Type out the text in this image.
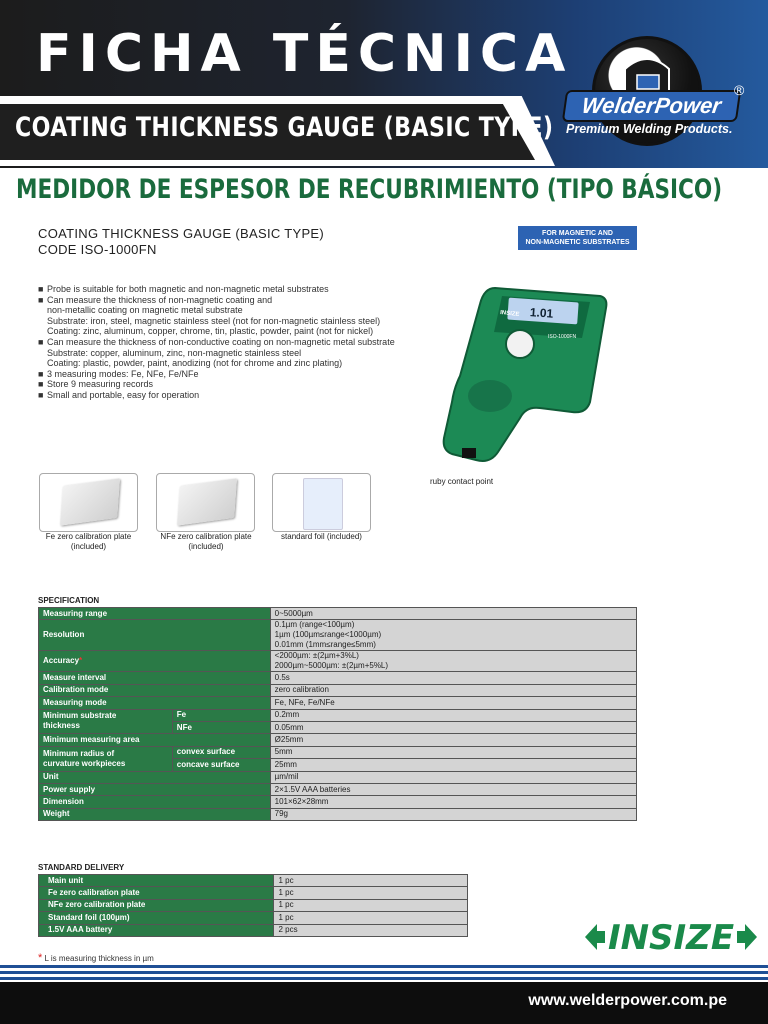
FICHA TÉCNICA
COATING THICKNESS GAUGE (BASIC TYPE)
WelderPower
®
Premium Welding Products.
MEDIDOR DE ESPESOR DE RECUBRIMIENTO (TIPO BÁSICO)
COATING THICKNESS GAUGE (BASIC TYPE)
CODE ISO-1000FN
FOR MAGNETIC AND
NON-MAGNETIC SUBSTRATES
■ Probe is suitable for both magnetic and non-magnetic metal substrates
■ Can measure the thickness of non-magnetic coating and
non-metallic coating on magnetic metal substrate
Substrate: iron, steel, magnetic stainless steel (not for non-magnetic stainless steel)
Coating: zinc, aluminum, copper, chrome, tin, plastic, powder, paint (not for nickel)
■ Can measure the thickness of non-conductive coating on non-magnetic metal substrate
Substrate: copper, aluminum, zinc, non-magnetic stainless steel
Coating: plastic, powder, paint, anodizing (not for chrome and zinc plating)
■ 3 measuring modes: Fe, NFe, Fe/NFe
■ Store 9 measuring records
■ Small and portable, easy for operation
1.01
INSIZE
ISO-1000FN
ruby contact point
Fe zero calibration plate
(included)
NFe zero calibration plate
(included)
standard foil (included)
SPECIFICATION
Measuring range		0~5000µm
Resolution		0.1µm (range<100µm)
1µm (100µm≤range<1000µm)
0.01mm (1mm≤range≤5mm)

Accuracy*		<2000µm: ±(2µm+3%L)
2000µm~5000µm: ±(2µm+5%L)

Measure interval		0.5s
Calibration mode		zero calibration
Measuring mode		Fe, NFe, Fe/NFe

Minimum substrate
thickness	Fe	0.2mm
	NFe	0.05mm
Minimum measuring area		Ø25mm

Minimum radius of
curvature workpieces	convex surface	5mm
	concave surface	25mm
Unit		µm/mil
Power supply		2×1.5V AAA batteries
Dimension		101×62×28mm
Weight		79g
STANDARD DELIVERY
Main unit	1 pc
Fe zero calibration plate	1 pc
NFe zero calibration plate	1 pc
Standard foil (100µm)	1 pc
1.5V AAA battery	2 pcs
* L is measuring thickness in µm
INSIZE
www.welderpower.com.pe
